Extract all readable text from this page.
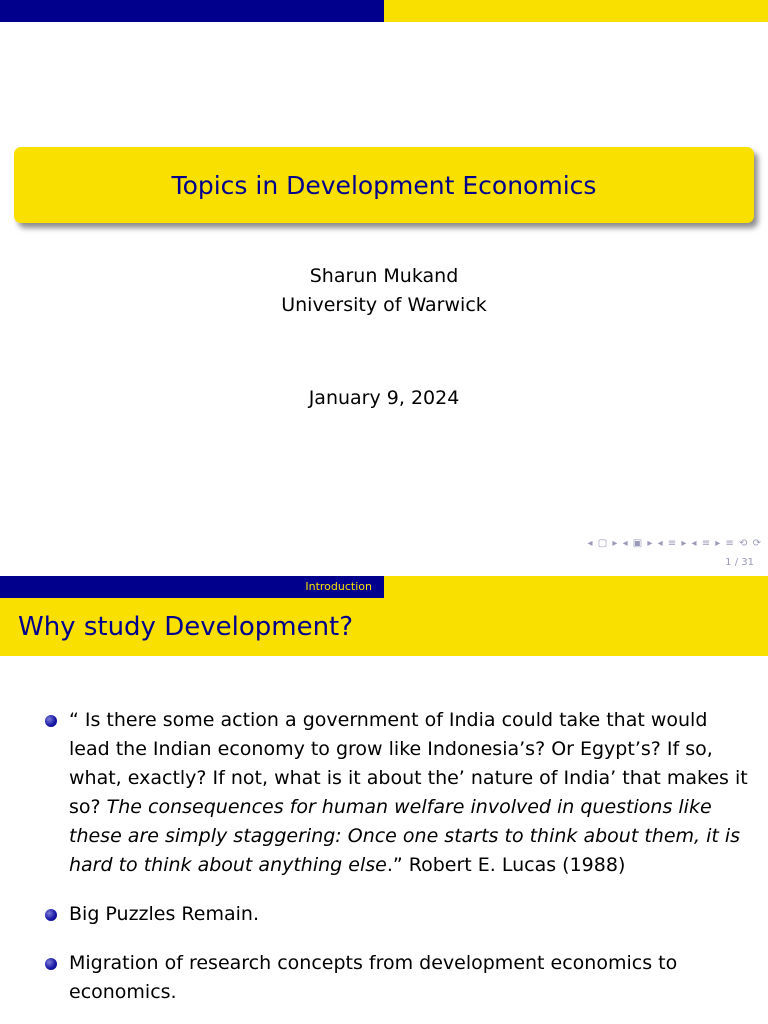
Topics in Development Economics
Sharun Mukand
University of Warwick
January 9, 2024
◂ ▢ ▸ ◂ ▣ ▸ ◂ ≡ ▸ ◂ ≡ ▸ ≡ ⟲ ⟳
1 / 31
Introduction
Why study Development?
“ Is there some action a government of India could take that would lead the Indian economy to grow like Indonesia’s? Or Egypt’s? If so, what, exactly? If not, what is it about the’ nature of India’ that makes it so? The consequences for human welfare involved in questions like these are simply staggering: Once one starts to think about them, it is hard to think about anything else.” Robert E. Lucas (1988)
Big Puzzles Remain.
Migration of research concepts from development economics to economics.
